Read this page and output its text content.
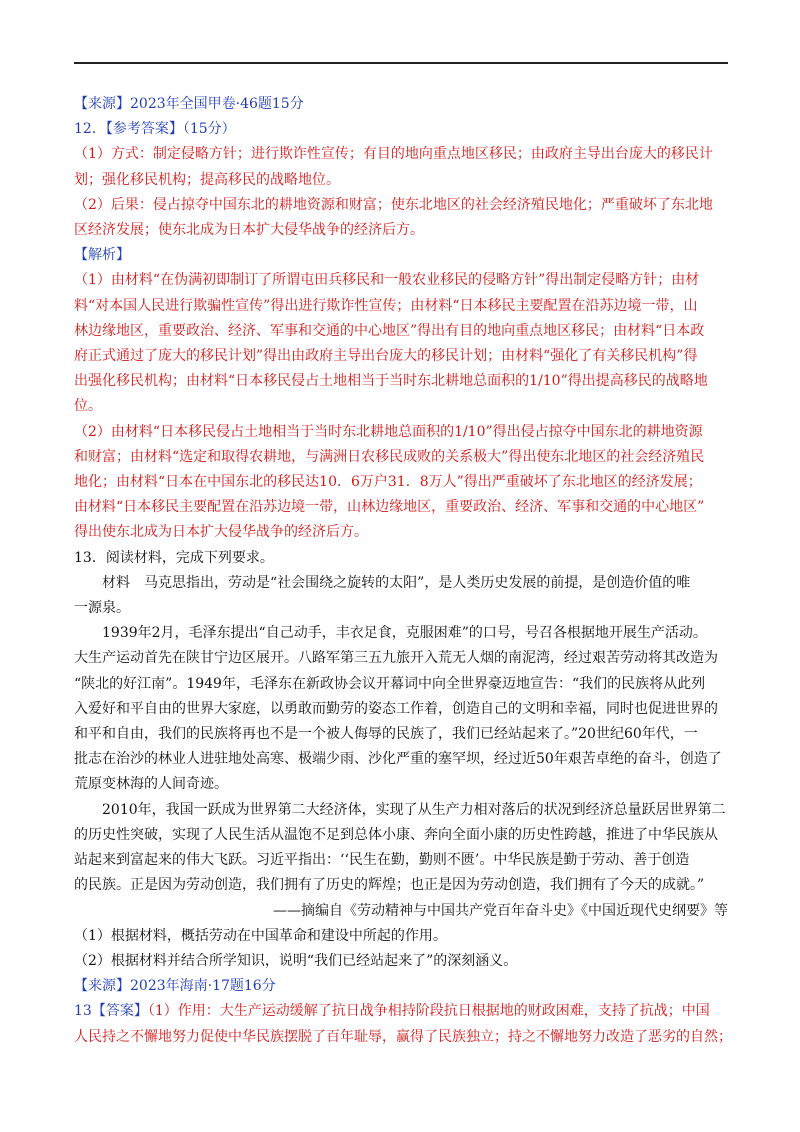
【来源】2023年全国甲卷·46题15分

12．【参考答案】（15分）

（1）方式：制定侵略方针；进行欺诈性宣传；有目的地向重点地区移民；由政府主导出台庞大的移民计

划；强化移民机构；提高移民的战略地位。

（2）后果：侵占掠夺中国东北的耕地资源和财富；使东北地区的社会经济殖民地化；严重破坏了东北地

区经济发展；使东北成为日本扩大侵华战争的经济后方。

【解析】

（1）由材料“在伪满初即制订了所谓屯田兵移民和一般农业移民的侵略方针”得出制定侵略方针；由材

料“对本国人民进行欺骗性宣传”得出进行欺诈性宣传；由材料“日本移民主要配置在沿苏边境一带，山

林边缘地区，重要政治、经济、军事和交通的中心地区”得出有目的地向重点地区移民；由材料“日本政

府正式通过了庞大的移民计划”得出由政府主导出台庞大的移民计划；由材料“强化了有关移民机构”得

出强化移民机构；由材料“日本移民侵占土地相当于当时东北耕地总面积的1/10”得出提高移民的战略地

位。

（2）由材料“日本移民侵占土地相当于当时东北耕地总面积的1/10”得出侵占掠夺中国东北的耕地资源

和财富；由材料“选定和取得农耕地，与满洲日农移民成败的关系极大”得出使东北地区的社会经济殖民

地化；由材料“日本在中国东北的移民达10．6万户31．8万人”得出严重破坏了东北地区的经济发展；

由材料“日本移民主要配置在沿苏边境一带，山林边缘地区，重要政治、经济、军事和交通的中心地区”

得出使东北成为日本扩大侵华战争的经济后方。

13．阅读材料，完成下列要求。

材料　马克思指出，劳动是“社会围绕之旋转的太阳”，是人类历史发展的前提，是创造价值的唯

一源泉。

1939年2月，毛泽东提出“自己动手，丰衣足食，克服困难”的口号，号召各根据地开展生产活动。

大生产运动首先在陕甘宁边区展开。八路军第三五九旅开入荒无人烟的南泥湾，经过艰苦劳动将其改造为

“陕北的好江南”。1949年，毛泽东在新政协会议开幕词中向全世界豪迈地宣告：“我们的民族将从此列

入爱好和平自由的世界大家庭，以勇敢而勤劳的姿态工作着，创造自己的文明和幸福，同时也促进世界的

和平和自由，我们的民族将再也不是一个被人侮辱的民族了，我们已经站起来了。”20世纪60年代，一

批志在治沙的林业人进驻地处高寒、极端少雨、沙化严重的塞罕坝，经过近50年艰苦卓绝的奋斗，创造了

荒原变林海的人间奇迹。

2010年，我国一跃成为世界第二大经济体，实现了从生产力相对落后的状况到经济总量跃居世界第二

的历史性突破，实现了人民生活从温饱不足到总体小康、奔向全面小康的历史性跨越，推进了中华民族从

站起来到富起来的伟大飞跃。习近平指出：‘‘民生在勤，勤则不匮’。中华民族是勤于劳动、善于创造

的民族。正是因为劳动创造，我们拥有了历史的辉煌；也正是因为劳动创造，我们拥有了今天的成就。”

——摘编自《劳动精神与中国共产党百年奋斗史》《中国近现代史纲要》等

（1）根据材料，概括劳动在中国革命和建设中所起的作用。

（2）根据材料并结合所学知识，说明“我们已经站起来了”的深刻涵义。

【来源】2023年海南·17题16分

13【答案】（1）作用：大生产运动缓解了抗日战争相持阶段抗日根据地的财政困难，支持了抗战；中国

人民持之不懈地努力促使中华民族摆脱了百年耻辱，赢得了民族独立；持之不懈地努力改造了恶劣的自然；
